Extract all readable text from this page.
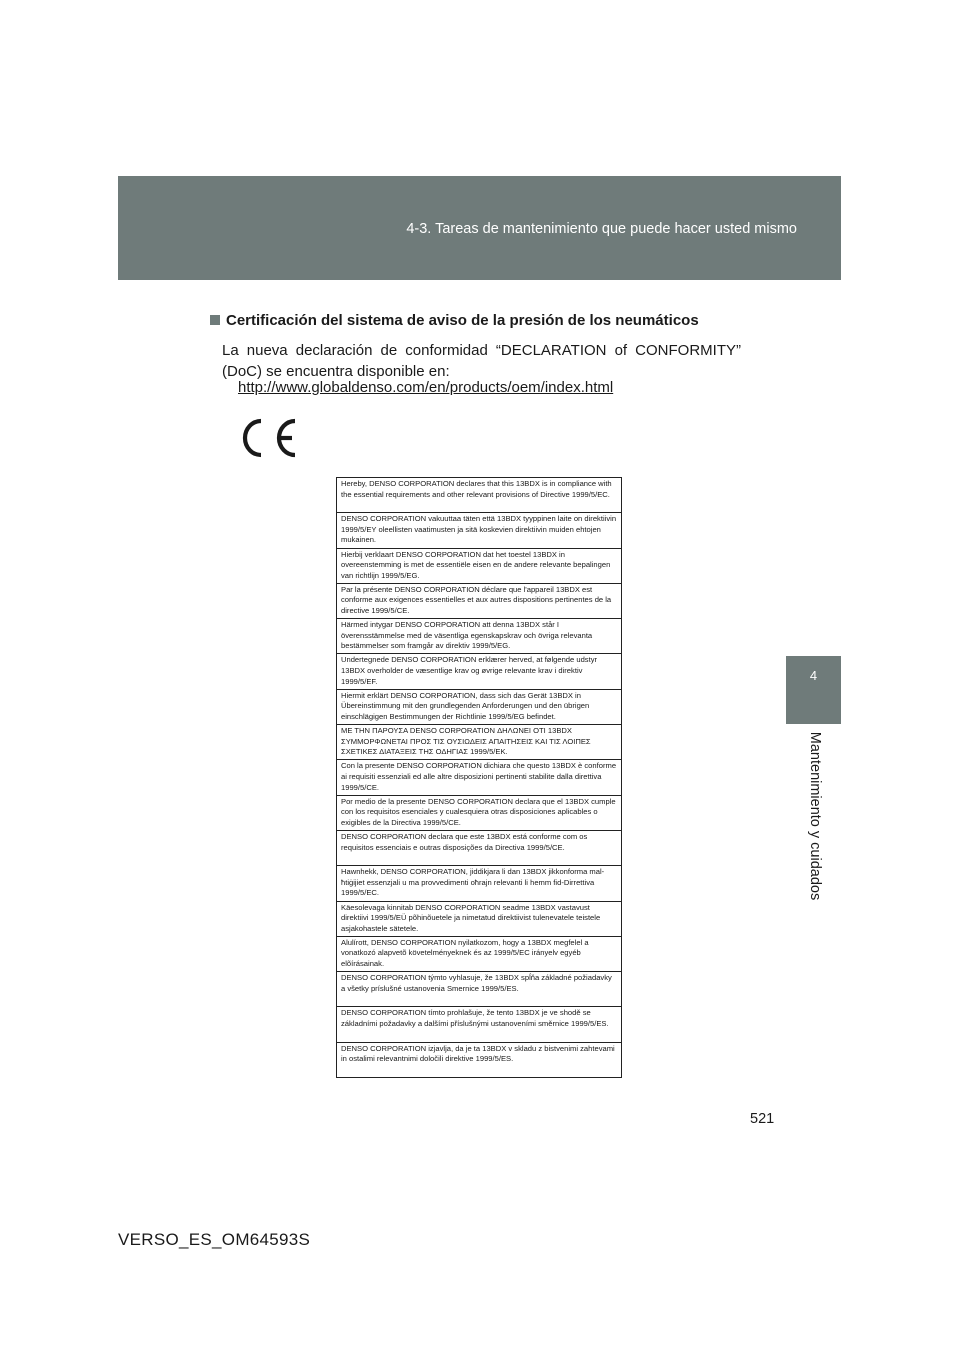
4-3. Tareas de mantenimiento que puede hacer usted mismo
4
Mantenimiento y cuidados
Certificación del sistema de aviso de la presión de los neumáticos
La nueva declaración de conformidad “DECLARATION of CONFORMITY”
(DoC) se encuentra disponible en:
http://www.globaldenso.com/en/products/oem/index.html
Hereby, DENSO CORPORATION declares that this 13BDX is in compliance with the essential requirements and other relevant provisions of Directive 1999/5/EC.
DENSO CORPORATION vakuuttaa täten että 13BDX tyyppinen laite on direktiivin 1999/5/EY oleellisten vaatimusten ja sitä koskevien direktiivin muiden ehtojen mukainen.
Hierbij verklaart DENSO CORPORATION dat het toestel 13BDX in overeenstemming is met de essentiële eisen en de andere relevante bepalingen van richtlijn 1999/5/EG.
Par la présente DENSO CORPORATION déclare que l'appareil 13BDX est conforme aux exigences essentielles et aux autres dispositions pertinentes de la directive 1999/5/CE.
Härmed intygar DENSO CORPORATION att denna 13BDX står I överensstämmelse med de väsentliga egenskapskrav och övriga relevanta bestämmelser som framgår av direktiv 1999/5/EG.
Undertegnede DENSO CORPORATION erklærer herved, at følgende udstyr 13BDX overholder de væsentlige krav og øvrige relevante krav i direktiv 1999/5/EF.
Hiermit erklärt DENSO CORPORATION, dass sich das Gerät 13BDX in Übereinstimmung mit den grundlegenden Anforderungen und den übrigen einschlägigen Bestimmungen der Richtlinie 1999/5/EG befindet.
ΜΕ ΤΗΝ ΠΑΡΟΥΣΑ DENSO CORPORATION ΔΗΛΩΝΕΙ ΟΤΙ 13BDX ΣΥΜΜΟΡΦΩΝΕΤΑΙ ΠΡΟΣ ΤΙΣ ΟΥΣΙΩΔΕΙΣ ΑΠΑΙΤΗΣΕΙΣ ΚΑΙ ΤΙΣ ΛΟΙΠΕΣ ΣΧΕΤΙΚΕΣ ΔΙΑΤΑΞΕΙΣ ΤΗΣ ΟΔΗΓΙΑΣ 1999/5/ΕΚ.
Con la presente DENSO CORPORATION dichiara che questo 13BDX è conforme ai requisiti essenziali ed alle altre disposizioni pertinenti stabilite dalla direttiva 1999/5/CE.
Por medio de la presente DENSO CORPORATION declara que el 13BDX cumple con los requisitos esenciales y cualesquiera otras disposiciones aplicables o exigibles de la Directiva 1999/5/CE.
DENSO CORPORATION declara que este 13BDX está conforme com os requisitos essenciais e outras disposições da Directiva 1999/5/CE.
Hawnhekk, DENSO CORPORATION, jiddikjara li dan 13BDX jikkonforma mal-ħtiġijiet essenzjali u ma provvedimenti oħrajn relevanti li hemm fid-Dirrettiva 1999/5/EC.
Käesolevaga kinnitab DENSO CORPORATION seadme 13BDX vastavust direktiivi 1999/5/EÜ põhinõuetele ja nimetatud direktiivist tulenevatele teistele asjakohastele sätetele.
Alulírott, DENSO CORPORATION nyilatkozom, hogy a 13BDX megfelel a vonatkozó alapvetõ követelményeknek és az 1999/5/EC irányelv egyéb elõírásainak.
DENSO CORPORATION týmto vyhlasuje, že 13BDX spĺňa základné požiadavky a všetky príslušné ustanovenia Smernice 1999/5/ES.
DENSO CORPORATION tímto prohlašuje, že tento 13BDX je ve shodě se základními požadavky a dalšími příslušnými ustanoveními směrnice 1999/5/ES.
DENSO CORPORATION izjavlja, da je ta 13BDX v skladu z bistvenimi zahtevami in ostalimi relevantnimi določili direktive 1999/5/ES.
521
VERSO_ES_OM64593S
